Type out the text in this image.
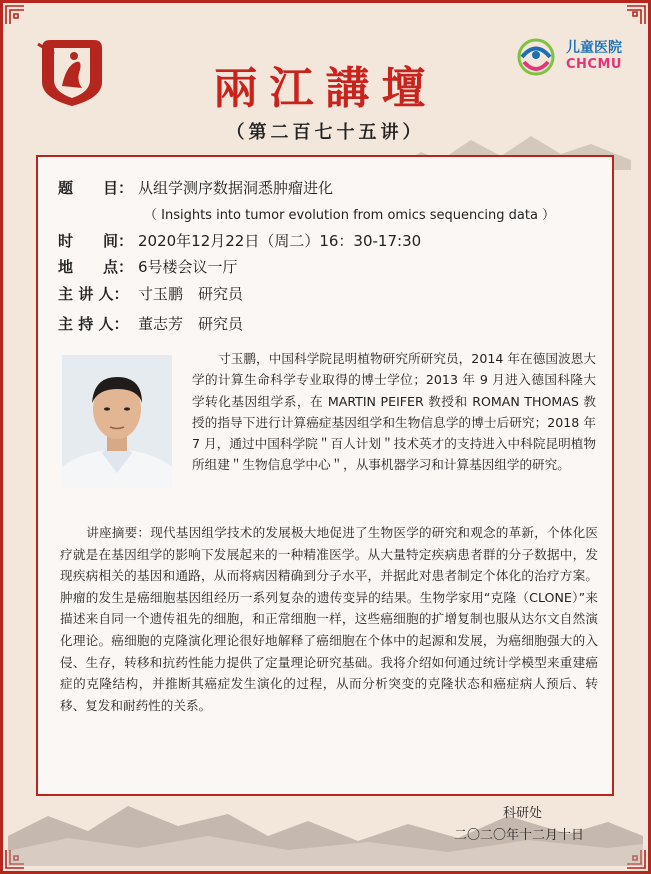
儿童医院
CHCMU
兩江講壇
（第二百七十五讲）
题　　目： 从组学测序数据洞悉肿瘤进化
（ Insights into tumor evolution from omics sequencing data ）
时　　间： 2020年12月22日（周二）16：30-17:30
地　　点： 6号楼会议一厅
主 讲 人： 寸玉鹏　研究员
主 持 人： 董志芳　研究员
寸玉鹏，中国科学院昆明植物研究所研究员，2014 年在德国波恩大学的计算生命科学专业取得的博士学位；2013 年 9 月进入德国科隆大学转化基因组学系，在 MARTIN PEIFER 教授和 ROMAN THOMAS 教授的指导下进行计算癌症基因组学和生物信息学的博士后研究；2018 年 7 月，通过中国科学院＂百人计划＂技术英才的支持进入中科院昆明植物所组建＂生物信息学中心＂，从事机器学习和计算基因组学的研究。
讲座摘要：现代基因组学技术的发展极大地促进了生物医学的研究和观念的革新，个体化医疗就是在基因组学的影响下发展起来的一种精准医学。从大量特定疾病患者群的分子数据中，发现疾病相关的基因和通路，从而将病因精确到分子水平，并据此对患者制定个体化的治疗方案。肿瘤的发生是癌细胞基因组经历一系列复杂的遗传变异的结果。生物学家用“克隆（CLONE）”来描述来自同一个遗传祖先的细胞，和正常细胞一样，这些癌细胞的扩增复制也服从达尔文自然演化理论。癌细胞的克隆演化理论很好地解释了癌细胞在个体中的起源和发展，为癌细胞强大的入侵、生存，转移和抗药性能力提供了定量理论研究基础。我将介绍如何通过统计学模型来重建癌症的克隆结构，并推断其癌症发生演化的过程，从而分析突变的克隆状态和癌症病人预后、转移、复发和耐药性的关系。
科研处
二〇二〇年十二月十日
